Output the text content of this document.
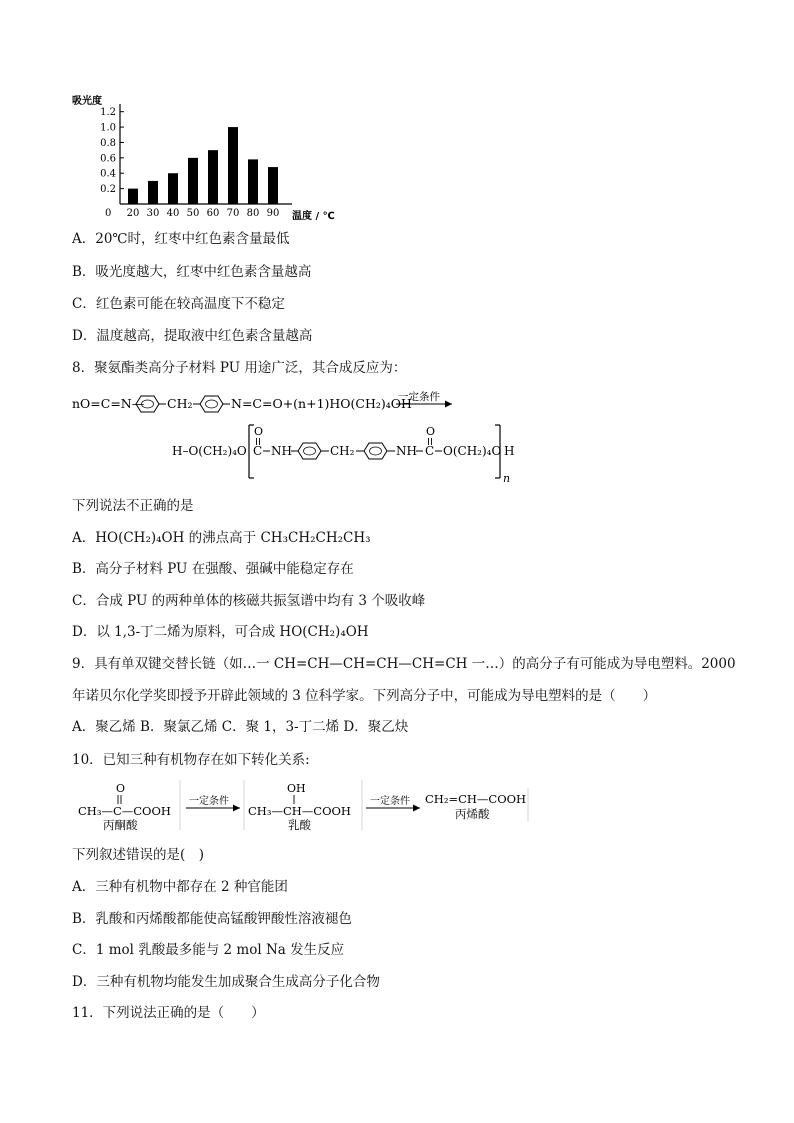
吸光度
温度 / ℃
0
0.2
0.4
0.6
0.8
1.0
1.2
20 30 40 50 60 70 80 90
A．20℃时，红枣中红色素含量最低
B．吸光度越大，红枣中红色素含量越高
C．红色素可能在较高温度下不稳定
D．温度越高，提取液中红色素含量越高
8．聚氨酯类高分子材料 PU 用途广泛，其合成反应为：
nO=C=N— CH₂	N=C=O+(n+1)HO(CH₂)₄OH
一定条件
H–O(CH₂)₄O
O
C NH	CH₂	NH
O
C O(CH₂)₄O H
n
下列说法不正确的是
A．HO(CH₂)₄OH 的沸点高于 CH₃CH₂CH₂CH₃
B．高分子材料 PU 在强酸、强碱中能稳定存在
C．合成 PU 的两种单体的核磁共振氢谱中均有 3 个吸收峰
D．以 1,3-丁二烯为原料，可合成 HO(CH₂)₄OH
9．具有单双键交替长链（如…一 CH=CH—CH=CH—CH=CH 一…）的高分子有可能成为导电塑料。2000
年诺贝尔化学奖即授予开辟此领域的 3 位科学家。下列高分子中，可能成为导电塑料的是（　　）
A．聚乙烯 B．聚氯乙烯 C．聚 1，3-丁二烯 D．聚乙炔
10．已知三种有机物存在如下转化关系:
O
CH₃—C—COOH
丙酮酸
一定条件
OH
CH₃—CH—COOH
乳酸
一定条件 CH₂=CH—COOH
丙烯酸
下列叙述错误的是(　)
A．三种有机物中都存在 2 种官能团
B．乳酸和丙烯酸都能使高锰酸钾酸性溶液褪色
C．1 mol 乳酸最多能与 2 mol Na 发生反应
D．三种有机物均能发生加成聚合生成高分子化合物
11．下列说法正确的是（　　）
